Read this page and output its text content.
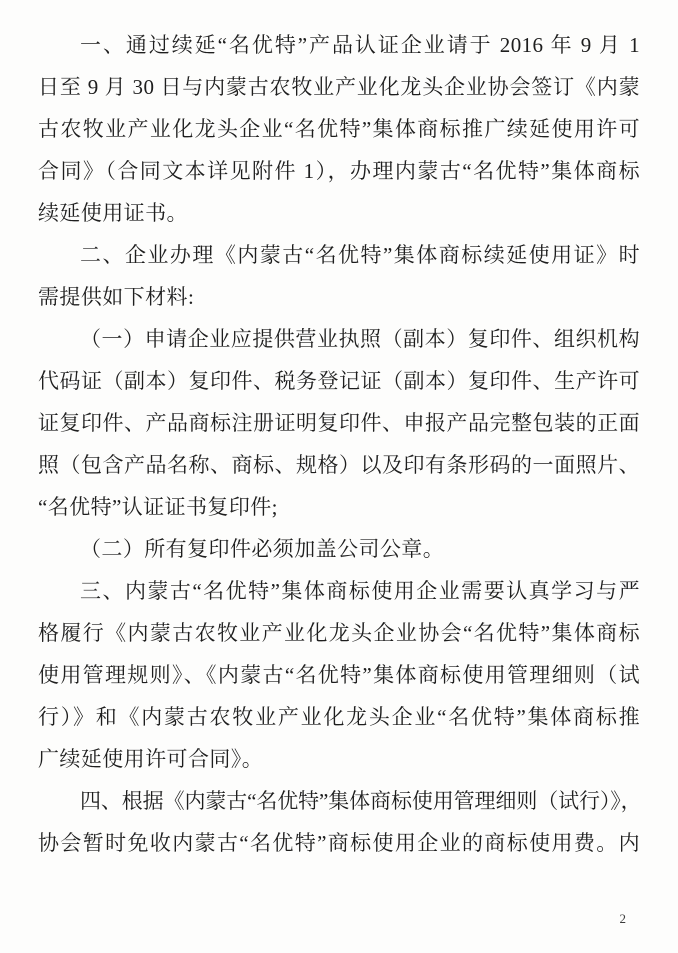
一、通过续延“名优特”产品认证企业请于 2016 年 9 月 1
日至 9 月 30 日与内蒙古农牧业产业化龙头企业协会签订《内蒙
古农牧业产业化龙头企业“名优特”集体商标推广续延使用许可
合同》（合同文本详见附件 1），办理内蒙古“名优特”集体商标
续延使用证书。
二、企业办理《内蒙古“名优特”集体商标续延使用证》时
需提供如下材料:
（一）申请企业应提供营业执照（副本）复印件、组织机构
代码证（副本）复印件、税务登记证（副本）复印件、生产许可
证复印件、产品商标注册证明复印件、申报产品完整包装的正面
照（包含产品名称、商标、规格）以及印有条形码的一面照片、
“名优特”认证证书复印件;
（二）所有复印件必须加盖公司公章。
三、内蒙古“名优特”集体商标使用企业需要认真学习与严
格履行《内蒙古农牧业产业化龙头企业协会“名优特”集体商标
使用管理规则》、《内蒙古“名优特”集体商标使用管理细则（试
行）》和《内蒙古农牧业产业化龙头企业“名优特”集体商标推
广续延使用许可合同》。
四、根据《内蒙古“名优特”集体商标使用管理细则（试行）》，
协会暂时免收内蒙古“名优特”商标使用企业的商标使用费。内
2
